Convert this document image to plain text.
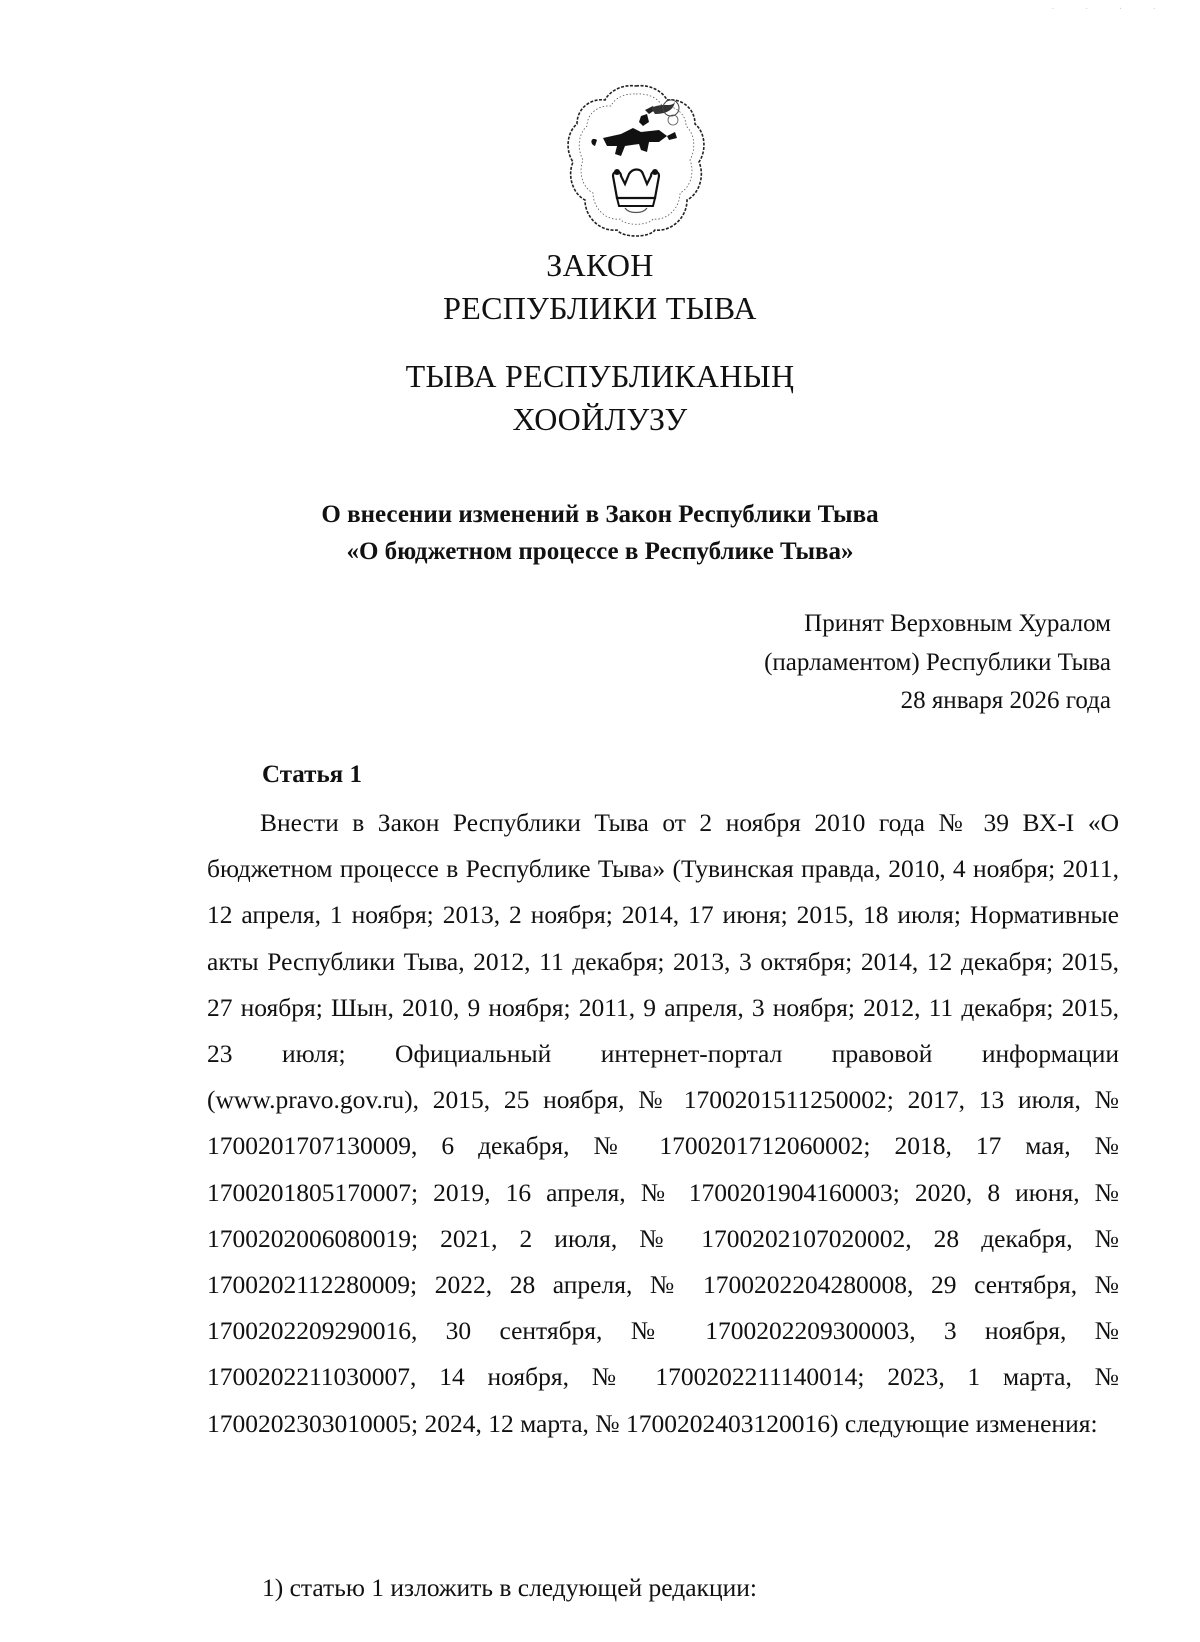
· · · ·
ЗАКОН
РЕСПУБЛИКИ ТЫВА
ТЫВА РЕСПУБЛИКАНЫҢ
ХООЙЛУЗУ
О внесении изменений в Закон Республики Тыва
«О бюджетном процессе в Республике Тыва»
Принят Верховным Хуралом
(парламентом) Республики Тыва
28 января 2026 года
Статья 1

Внести в Закон Республики Тыва от 2 ноября 2010 года № 39 ВХ-I «О бюджетном процессе в Республике Тыва» (Тувинская правда, 2010, 4 ноября; 2011, 12 апреля, 1 ноября; 2013, 2 ноября; 2014, 17 июня; 2015, 18 июля; Нормативные акты Республики Тыва, 2012, 11 декабря; 2013, 3 октября; 2014, 12 декабря; 2015, 27 ноября; Шын, 2010, 9 ноября; 2011, 9 апреля, 3 ноября; 2012, 11 декабря; 2015, 23 июля; Официальный интернет-портал правовой информации (www.pravo.gov.ru), 2015, 25 ноября, № 1700201511250002; 2017, 13 июля, № 1700201707130009, 6 декабря, № 1700201712060002; 2018, 17 мая, № 1700201805170007; 2019, 16 апреля, № 1700201904160003; 2020, 8 июня, № 1700202006080019; 2021, 2 июля, № 1700202107020002, 28 декабря, № 1700202112280009; 2022, 28 апреля, № 1700202204280008, 29 сентября, № 1700202209290016, 30 сентября, № 1700202209300003, 3 ноября, № 1700202211030007, 14 ноября, № 1700202211140014; 2023, 1 марта, № 1700202303010005; 2024, 12 марта, № 1700202403120016) следующие изменения:

1) статью 1 изложить в следующей редакции:
